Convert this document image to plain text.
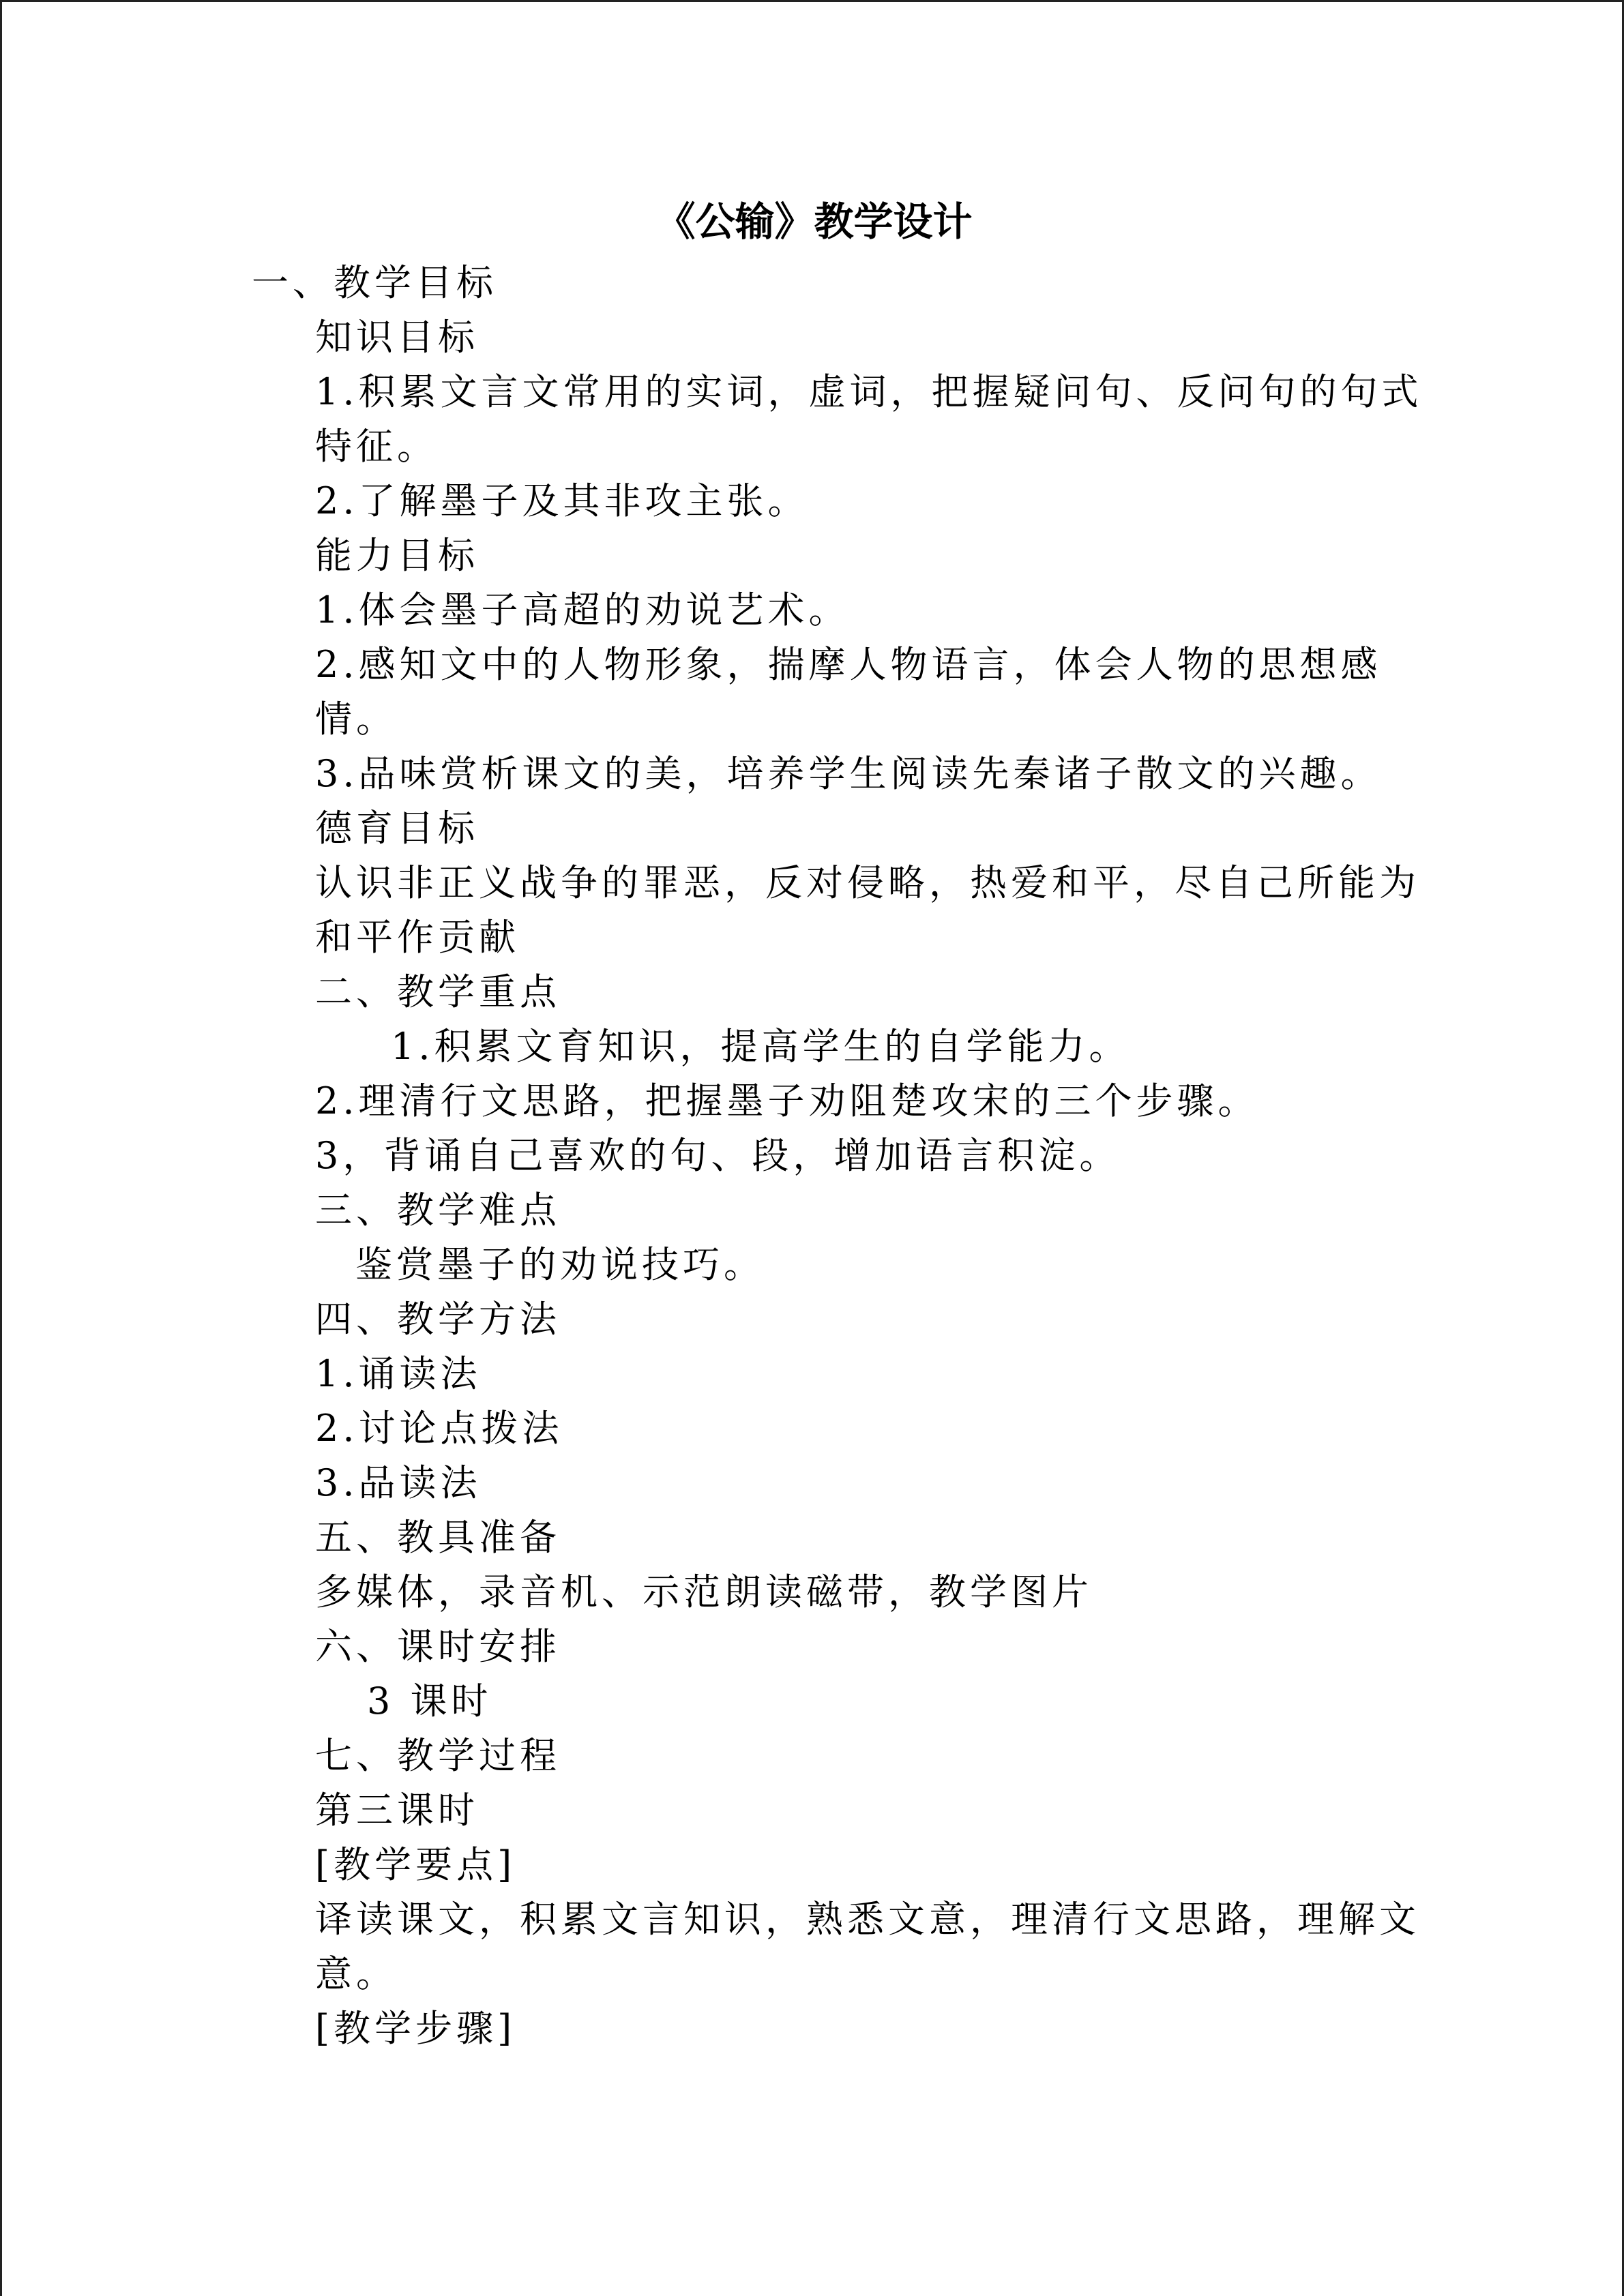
《公输》教学设计

一、教学目标

知识目标

1.积累文言文常用的实词，虚词，把握疑问句、反问句的句式

特征。

2.了解墨子及其非攻主张。

能力目标

1.体会墨子高超的劝说艺术。

2.感知文中的人物形象，揣摩人物语言，体会人物的思想感

情。

3.品味赏析课文的美，培养学生阅读先秦诸子散文的兴趣。

德育目标

认识非正义战争的罪恶，反对侵略，热爱和平，尽自己所能为

和平作贡献

二、教学重点

1.积累文育知识，提高学生的自学能力。

2.理清行文思路，把握墨子劝阻楚攻宋的三个步骤。

3，背诵自己喜欢的句、段，增加语言积淀。

三、教学难点

鉴赏墨子的劝说技巧。

四、教学方法

1.诵读法

2.讨论点拨法

3.品读法

五、教具准备

多媒体，录音机、示范朗读磁带，教学图片

六、课时安排

3 课时

七、教学过程

第三课时

[教学要点]

译读课文，积累文言知识，熟悉文意，理清行文思路，理解文

意。

[教学步骤]
